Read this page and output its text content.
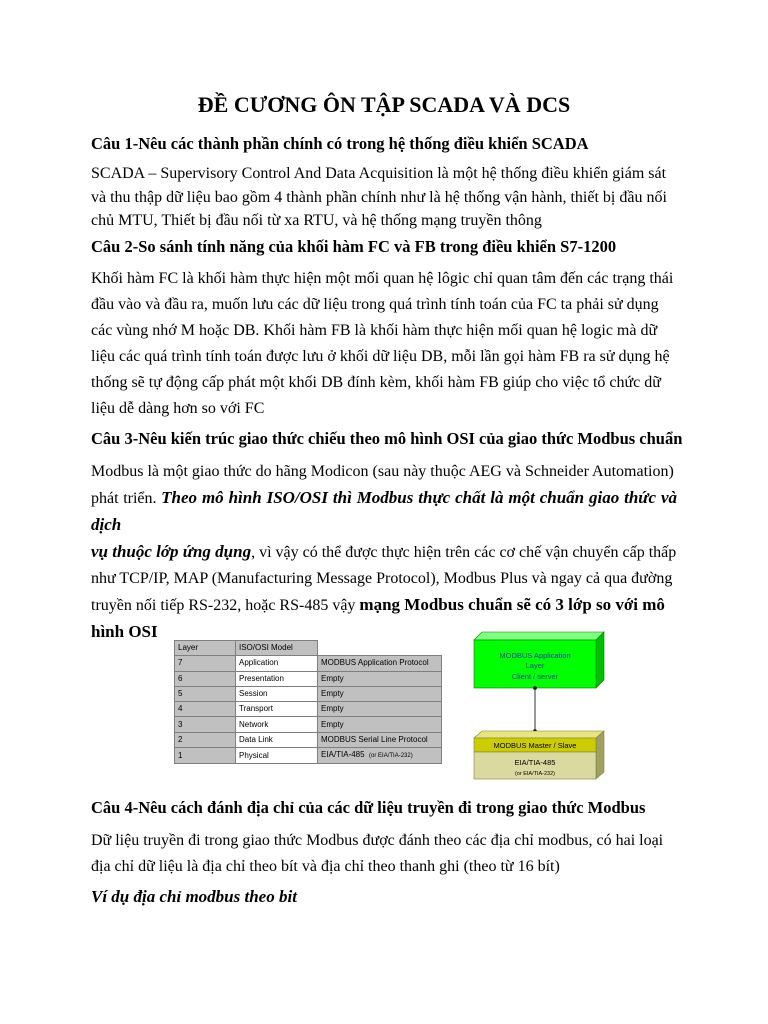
ĐỀ CƯƠNG ÔN TẬP SCADA VÀ DCS
Câu 1-Nêu các thành phần chính có trong hệ thống điều khiển SCADA
SCADA – Supervisory Control And Data Acquisition là một hệ thống điều khiển giám sát
và thu thập dữ liệu bao gồm 4 thành phần chính như là hệ thống vận hành, thiết bị đầu nối
chủ MTU, Thiết bị đầu nối từ xa RTU, và hệ thống mạng truyền thông
Câu 2-So sánh tính năng của khối hàm FC và FB trong điều khiển S7-1200
Khối hàm FC là khối hàm thực hiện một mối quan hệ lôgic chỉ quan tâm đến các trạng thái
đầu vào và đầu ra, muốn lưu các dữ liệu trong quá trình tính toán của FC ta phải sử dụng
các vùng nhớ M hoặc DB. Khối hàm FB là khối hàm thực hiện mối quan hệ logic mà dữ
liệu các quá trình tính toán được lưu ở khối dữ liệu DB, mỗi lần gọi hàm FB ra sử dụng hệ
thống sẽ tự động cấp phát một khối DB đính kèm, khối hàm FB giúp cho việc tổ chức dữ
liệu dễ dàng hơn so với FC
Câu 3-Nêu kiến trúc giao thức chiếu theo mô hình OSI của giao thức Modbus chuẩn
Modbus là một giao thức do hãng Modicon (sau này thuộc AEG và Schneider Automation)
phát triển. Theo mô hình ISO/OSI thì Modbus thực chất là một chuẩn giao thức và dịch
vụ thuộc lớp ứng dụng, vì vậy có thể được thực hiện trên các cơ chế vận chuyển cấp thấp
như TCP/IP, MAP (Manufacturing Message Protocol), Modbus Plus và ngay cả qua đường
truyền nối tiếp RS-232, hoặc RS-485 vậy mạng Modbus chuẩn sẽ có 3 lớp so với mô
hình OSI
Layer	ISO/OSI Model	
7	Application	MODBUS Application Protocol
6	Presentation	Empty
5	Session	Empty
4	Transport	Empty
3	Network	Empty
2	Data Link	MODBUS Serial Line Protocol
1	Physical	EIA/TIA-485 (or EIA/TIA-232)
MODBUS Application
Layer
Client / server
MODBUS Master / Slave
EIA/TIA-485
(or EIA/TIA-232)
Câu 4-Nêu cách đánh địa chỉ của các dữ liệu truyền đi trong giao thức Modbus
Dữ liệu truyền đi trong giao thức Modbus được đánh theo các địa chỉ modbus, có hai loại
địa chỉ dữ liệu là địa chỉ theo bít và địa chỉ theo thanh ghi (theo từ 16 bít)
Ví dụ địa chỉ modbus theo bit
